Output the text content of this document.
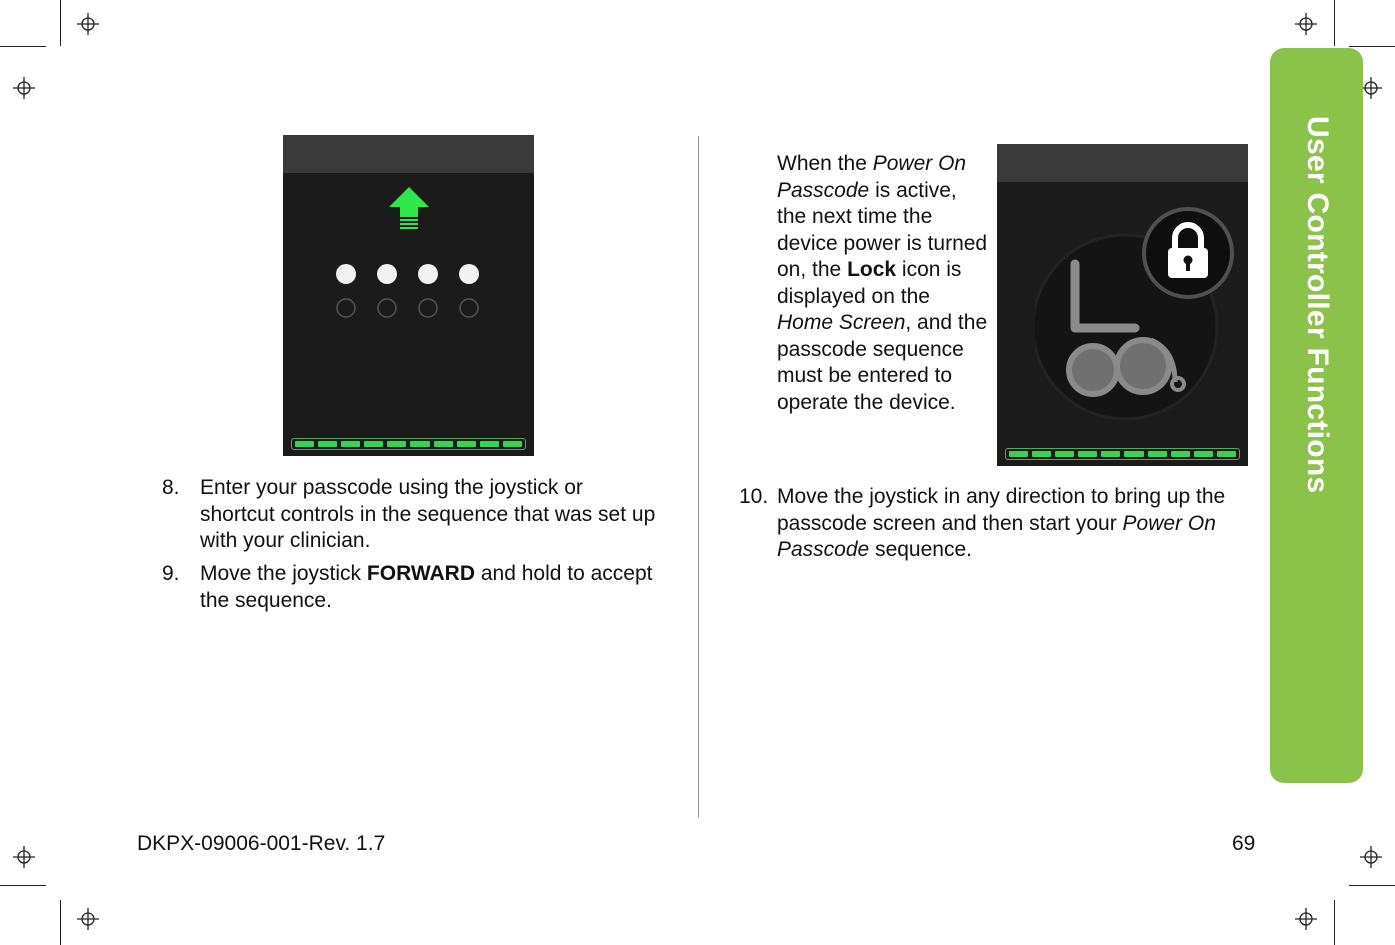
User Controller Functions
8. Enter your passcode using the joystick or shortcut controls in the sequence that was set up with your clinician.
9. Move the joystick FORWARD and hold to accept the sequence.
When the Power On Passcode is active, the next time the device power is turned on, the Lock icon is displayed on the Home Screen, and the passcode sequence must be entered to operate the device.
10. Move the joystick in any direction to bring up the passcode screen and then start your Power On Passcode sequence.
DKPX-09006-001-Rev. 1.7	69
